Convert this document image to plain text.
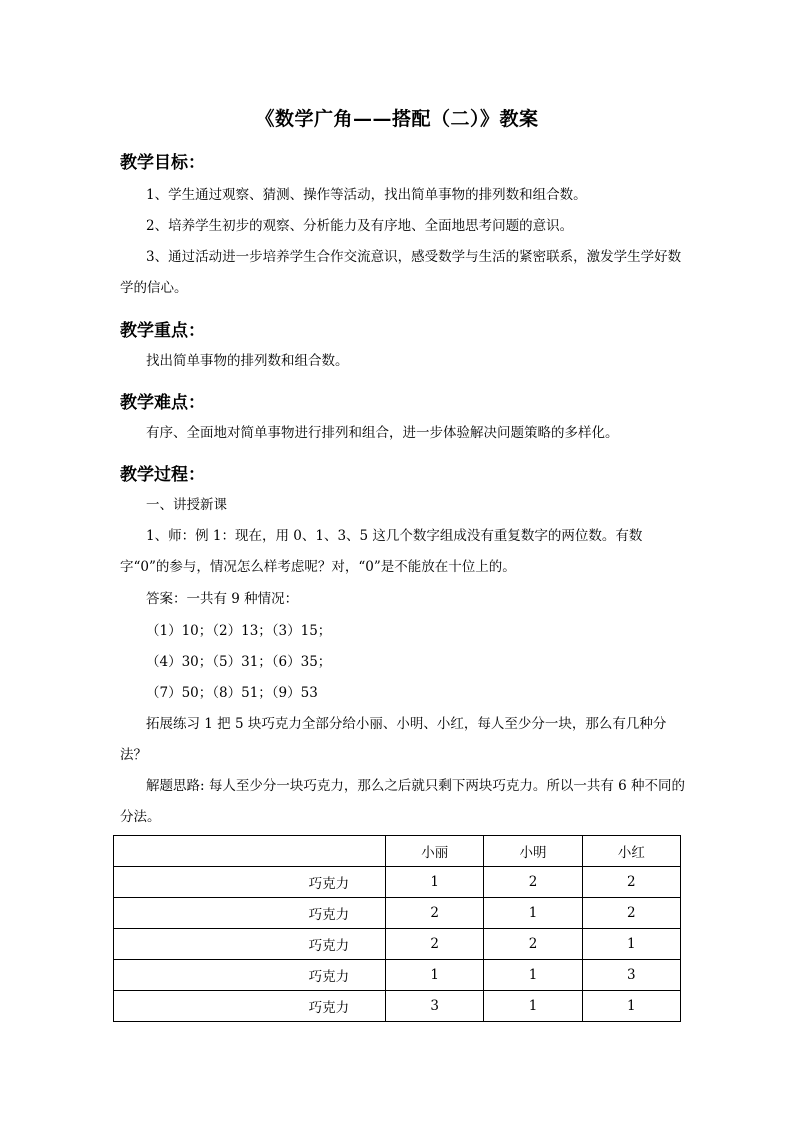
《数学广角——搭配（二）》教案
教学目标：
1、学生通过观察、猜测、操作等活动，找出简单事物的排列数和组合数。
2、培养学生初步的观察、分析能力及有序地、全面地思考问题的意识。
3、通过活动进一步培养学生合作交流意识，感受数学与生活的紧密联系，激发学生学好数学的信心。
教学重点：
找出简单事物的排列数和组合数。
教学难点：
有序、全面地对简单事物进行排列和组合，进一步体验解决问题策略的多样化。
教学过程：
一、讲授新课
1、师：例 1：现在，用 0、1、3、5 这几个数字组成没有重复数字的两位数。有数字“0”的参与，情况怎么样考虑呢？对，“0”是不能放在十位上的。
答案：一共有 9 种情况：
（1）10；（2）13；（3）15；
（4）30；（5）31；（6）35；
（7）50；（8）51；（9）53
拓展练习 1 把 5 块巧克力全部分给小丽、小明、小红，每人至少分一块，那么有几种分法？
解题思路: 每人至少分一块巧克力，那么之后就只剩下两块巧克力。所以一共有 6 种不同的分法。
	小丽	小明	小红
巧克力	1	2	2
巧克力	2	1	2
巧克力	2	2	1
巧克力	1	1	3
巧克力	3	1	1
